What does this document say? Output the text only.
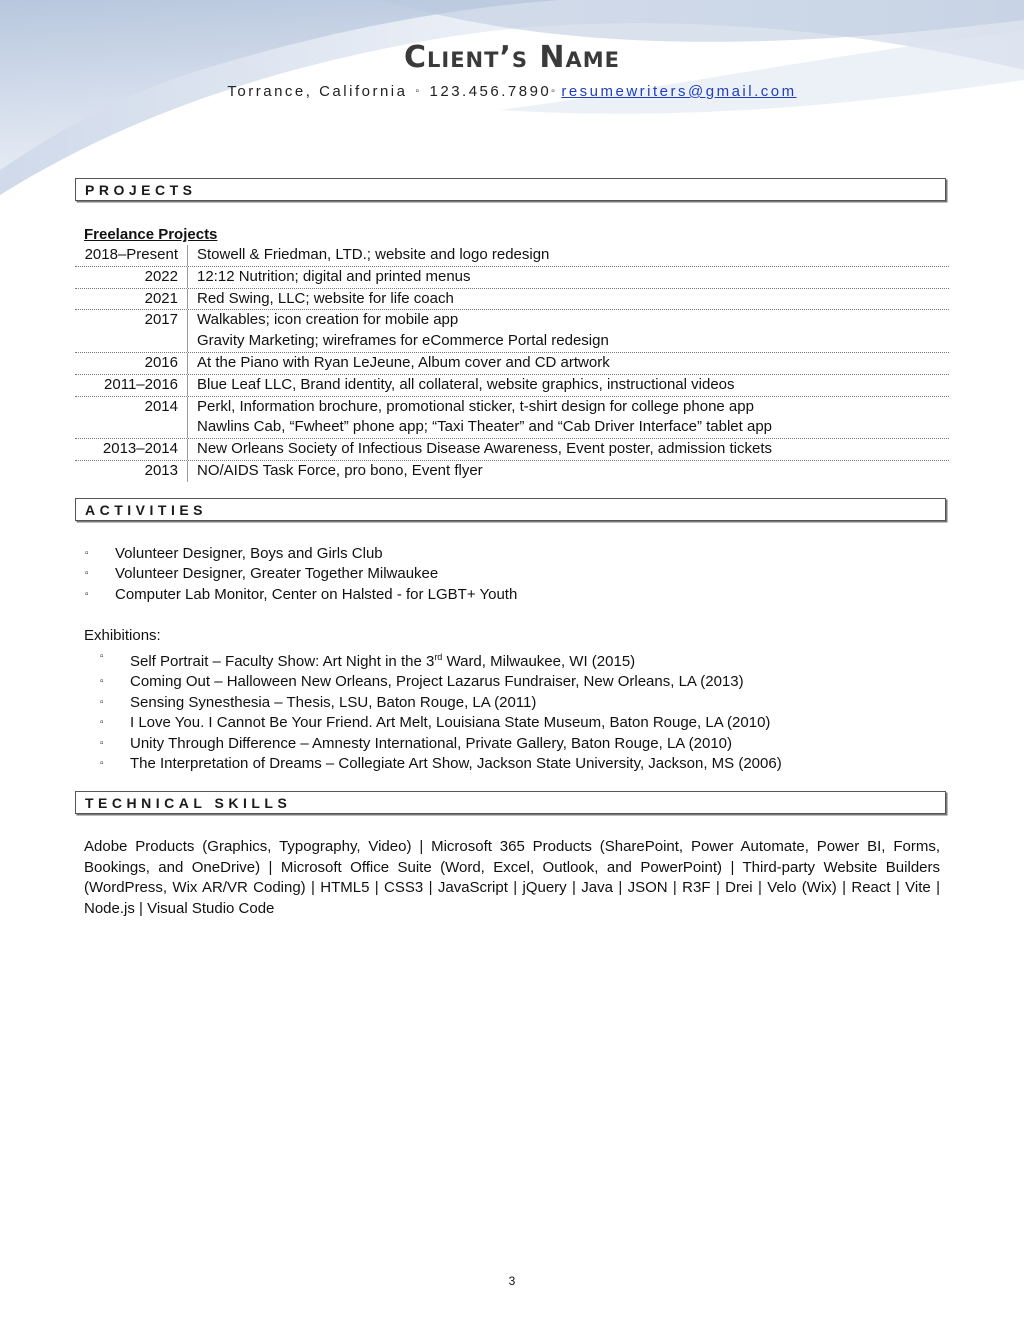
Client’s Name
Torrance, California ▫ 123.456.7890▫ resumewriters@gmail.com
PROJECTS
Freelance Projects
2018–Present	Stowell & Friedman, LTD.; website and logo redesign
2022	12:12 Nutrition; digital and printed menus
2021	Red Swing, LLC; website for life coach
2017	Walkables; icon creation for mobile app
Gravity Marketing; wireframes for eCommerce Portal redesign
2016	At the Piano with Ryan LeJeune, Album cover and CD artwork
2011–2016	Blue Leaf LLC, Brand identity, all collateral, website graphics, instructional videos
2014	Perkl, Information brochure, promotional sticker, t-shirt design for college phone app
Nawlins Cab, “Fwheet” phone app; “Taxi Theater” and “Cab Driver Interface” tablet app
2013–2014	New Orleans Society of Infectious Disease Awareness, Event poster, admission tickets
2013	NO/AIDS Task Force, pro bono, Event flyer
ACTIVITIES
▫	Volunteer Designer, Boys and Girls Club
▫	Volunteer Designer, Greater Together Milwaukee
▫	Computer Lab Monitor, Center on Halsted - for LGBT+ Youth
Exhibitions:
▫	Self Portrait – Faculty Show: Art Night in the 3rd Ward, Milwaukee, WI (2015)
▫	Coming Out – Halloween New Orleans, Project Lazarus Fundraiser, New Orleans, LA (2013)
▫	Sensing Synesthesia – Thesis, LSU, Baton Rouge, LA (2011)
▫	I Love You. I Cannot Be Your Friend. Art Melt, Louisiana State Museum, Baton Rouge, LA (2010)
▫	Unity Through Difference – Amnesty International, Private Gallery, Baton Rouge, LA (2010)
▫	The Interpretation of Dreams – Collegiate Art Show, Jackson State University, Jackson, MS (2006)
TECHNICAL SKILLS
Adobe Products (Graphics, Typography, Video) | Microsoft 365 Products (SharePoint, Power Automate, Power BI, Forms, Bookings, and OneDrive) | Microsoft Office Suite (Word, Excel, Outlook, and PowerPoint) | Third-party Website Builders (WordPress, Wix AR/VR Coding) | HTML5 | CSS3 | JavaScript | jQuery | Java | JSON | R3F | Drei | Velo (Wix) | React | Vite | Node.js | Visual Studio Code
3
